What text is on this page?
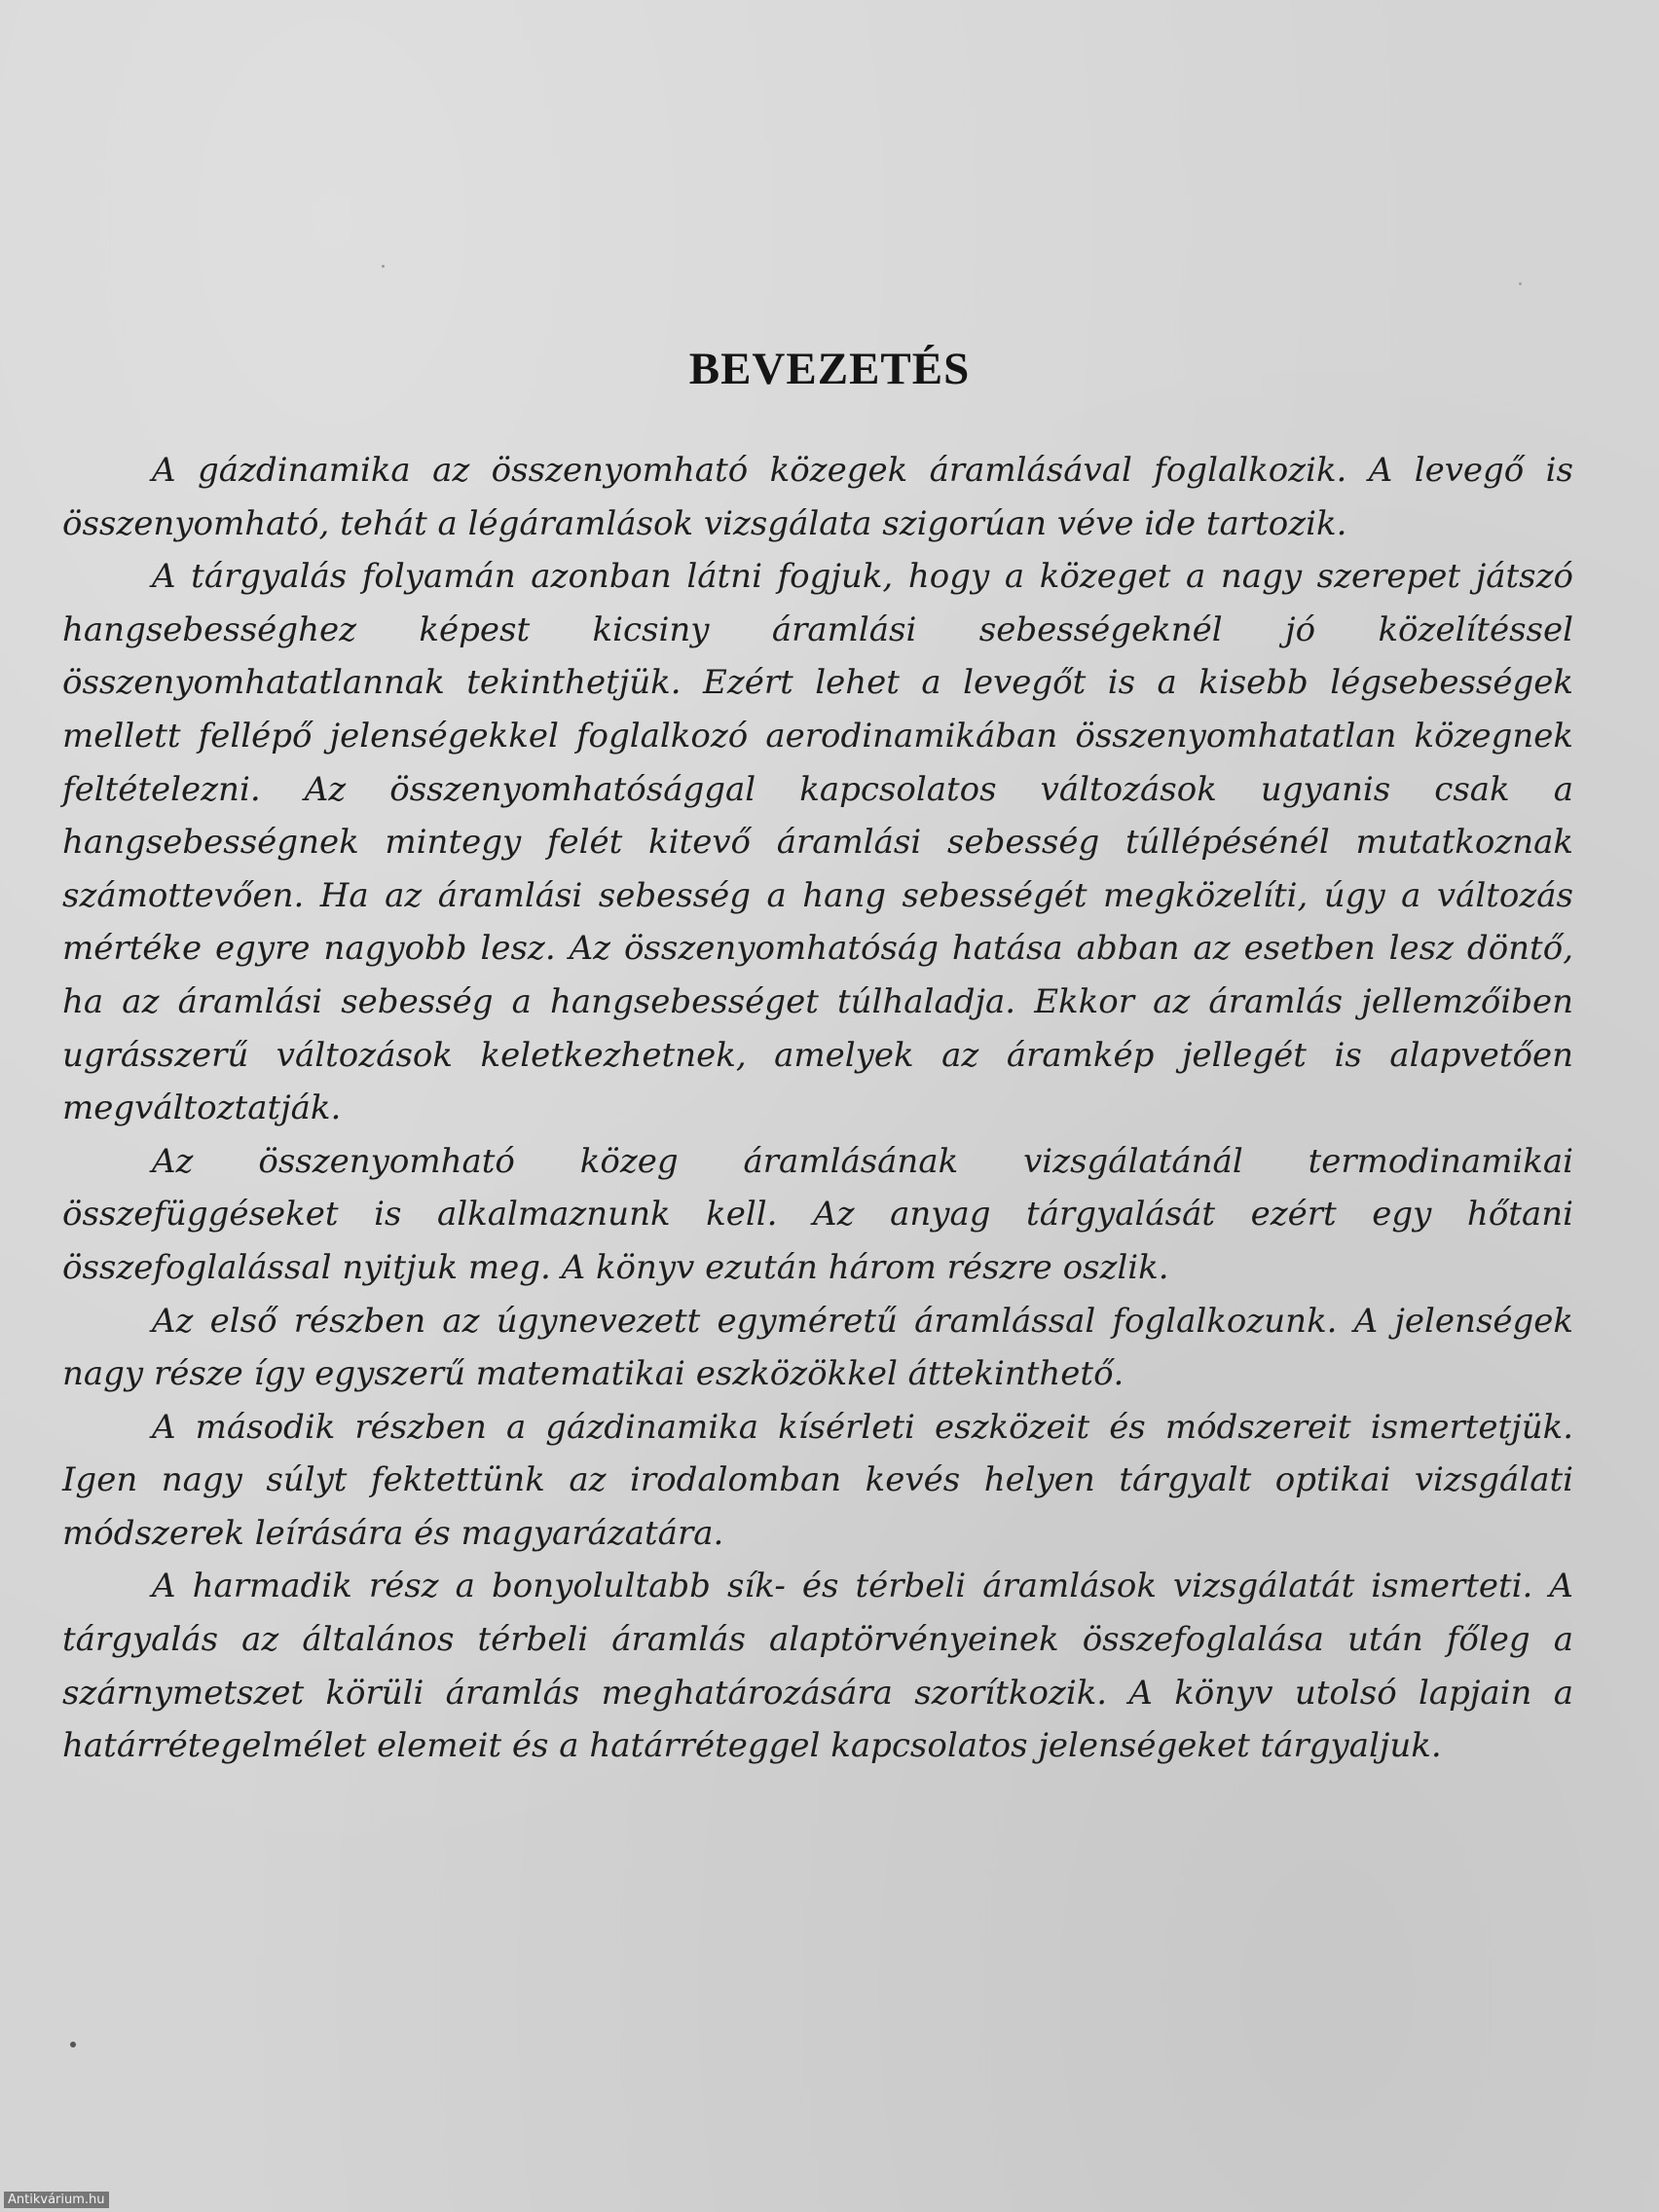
BEVEZETÉS

A gázdinamika az összenyomható közegek áramlásával foglalkozik. A levegő is összenyomható, tehát a légáramlások vizsgálata szigorúan véve ide tartozik.

A tárgyalás folyamán azonban látni fogjuk, hogy a közeget a nagy szerepet játszó hangsebességhez képest kicsiny áramlási sebességeknél jó közelítéssel összenyomhatatlannak tekinthetjük. Ezért lehet a levegőt is a kisebb légsebességek mellett fellépő jelenségekkel foglalkozó aerodinamikában összenyomhatatlan közegnek feltételezni. Az összenyomhatósággal kapcsolatos változások ugyanis csak a hangsebességnek mintegy felét kitevő áramlási sebesség túllépésénél mutatkoznak számottevően. Ha az áramlási sebesség a hang sebességét megközelíti, úgy a változás mértéke egyre nagyobb lesz. Az összenyomhatóság hatása abban az esetben lesz döntő, ha az áramlási sebesség a hangsebességet túlhaladja. Ekkor az áramlás jellemzőiben ugrásszerű változások keletkezhetnek, amelyek az áramkép jellegét is alapvetően megváltoztatják.

Az összenyomható közeg áramlásának vizsgálatánál termodinamikai összefüggéseket is alkalmaznunk kell. Az anyag tárgyalását ezért egy hőtani összefoglalással nyitjuk meg. A könyv ezután három részre oszlik.

Az első részben az úgynevezett egyméretű áramlással foglalkozunk. A jelenségek nagy része így egyszerű matematikai eszközökkel áttekinthető.

A második részben a gázdinamika kísérleti eszközeit és módszereit ismertetjük. Igen nagy súlyt fektettünk az irodalomban kevés helyen tárgyalt optikai vizsgálati módszerek leírására és magyarázatára.

A harmadik rész a bonyolultabb sík- és térbeli áramlások vizsgálatát ismerteti. A tárgyalás az általános térbeli áramlás alaptörvényeinek összefoglalása után főleg a szárnymetszet körüli áramlás meghatározására szorítkozik. A könyv utolsó lapjain a határrétegelmélet elemeit és a határréteggel kapcsolatos jelenségeket tárgyaljuk.

Antikvárium.hu
